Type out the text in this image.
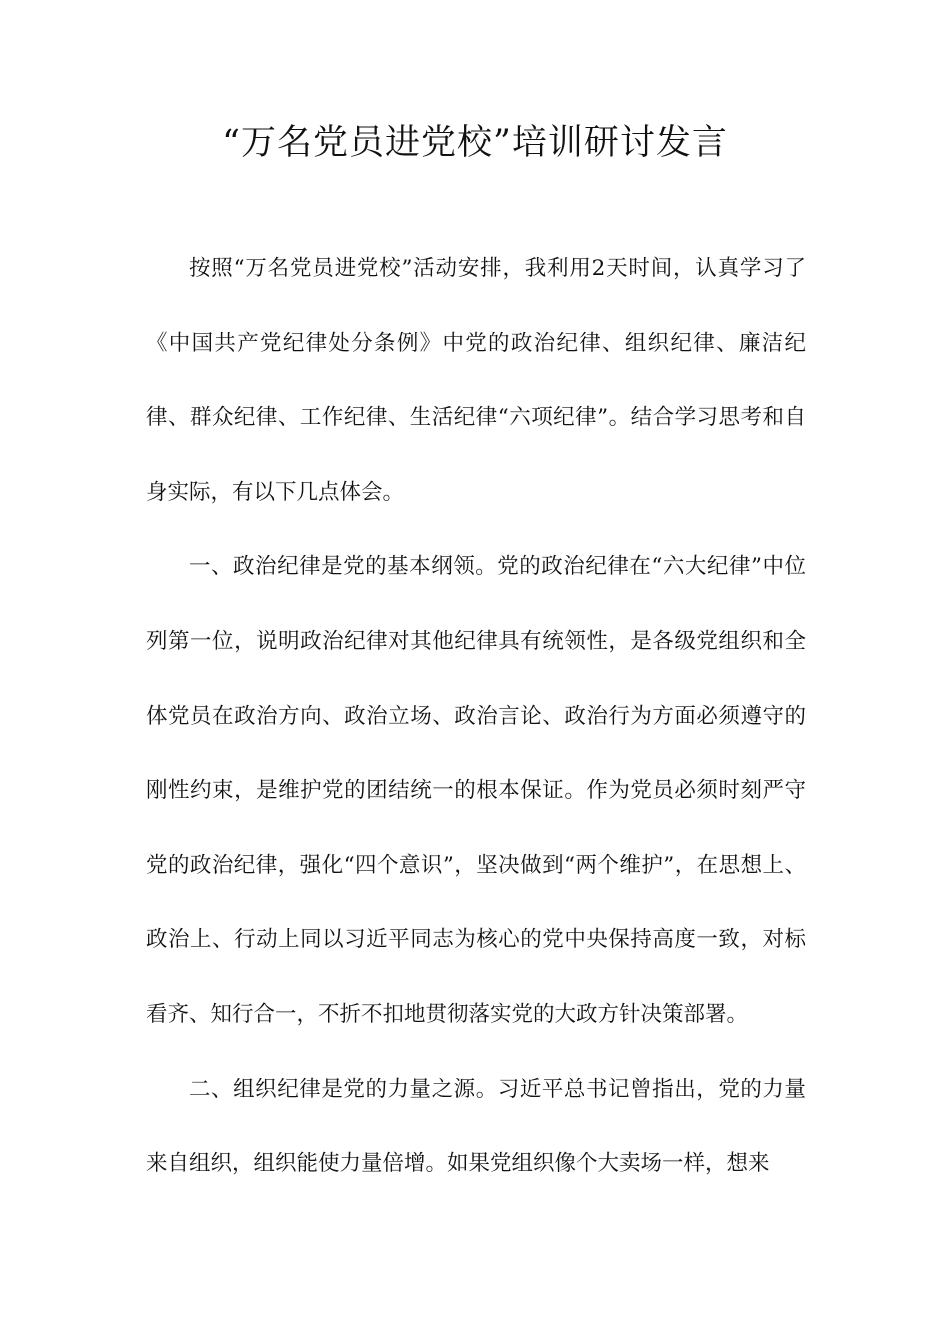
“万名党员进党校”培训研讨发言

按照“万名党员进党校”活动安排，我利用2天时间，认真学习了《中国共产党纪律处分条例》中党的政治纪律、组织纪律、廉洁纪律、群众纪律、工作纪律、生活纪律“六项纪律”。结合学习思考和自身实际，有以下几点体会。

一、政治纪律是党的基本纲领。党的政治纪律在“六大纪律”中位列第一位，说明政治纪律对其他纪律具有统领性，是各级党组织和全体党员在政治方向、政治立场、政治言论、政治行为方面必须遵守的刚性约束，是维护党的团结统一的根本保证。作为党员必须时刻严守党的政治纪律，强化“四个意识”，坚决做到“两个维护”，在思想上、政治上、行动上同以习近平同志为核心的党中央保持高度一致，对标看齐、知行合一，不折不扣地贯彻落实党的大政方针决策部署。

二、组织纪律是党的力量之源。习近平总书记曾指出，党的力量来自组织，组织能使力量倍增。如果党组织像个大卖场一样，想来
